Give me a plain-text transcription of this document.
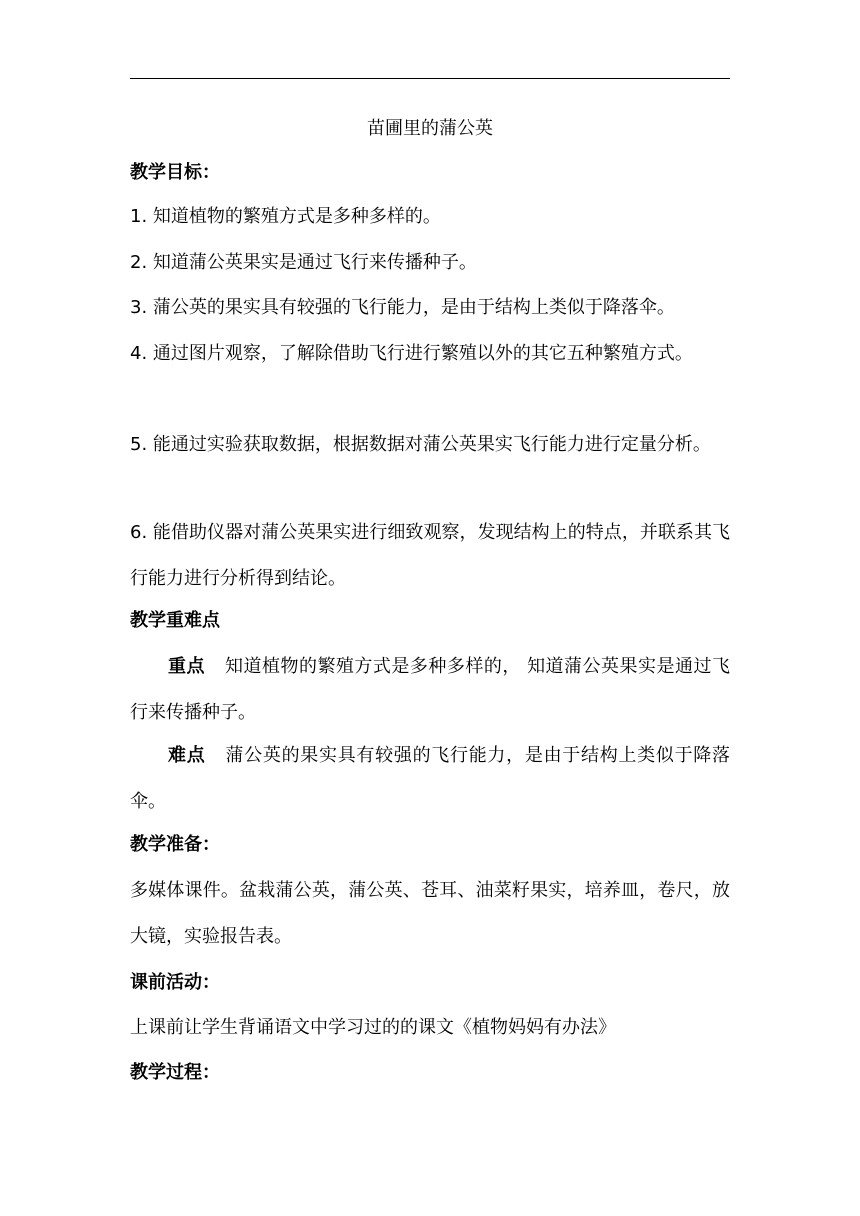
苗圃里的蒲公英
教学目标：
1. 知道植物的繁殖方式是多种多样的。
2. 知道蒲公英果实是通过飞行来传播种子。
3. 蒲公英的果实具有较强的飞行能力，是由于结构上类似于降落伞。
4. 通过图片观察，了解除借助飞行进行繁殖以外的其它五种繁殖方式。
5. 能通过实验获取数据，根据数据对蒲公英果实飞行能力进行定量分析。
6. 能借助仪器对蒲公英果实进行细致观察，发现结构上的特点，并联系其飞行能力进行分析得到结论。
教学重难点
重点 知道植物的繁殖方式是多种多样的， 知道蒲公英果实是通过飞行来传播种子。
难点 蒲公英的果实具有较强的飞行能力，是由于结构上类似于降落伞。
教学准备：
多媒体课件。盆栽蒲公英，蒲公英、苍耳、油菜籽果实，培养皿，卷尺，放大镜，实验报告表。
课前活动：
上课前让学生背诵语文中学习过的的课文《植物妈妈有办法》
教学过程：
